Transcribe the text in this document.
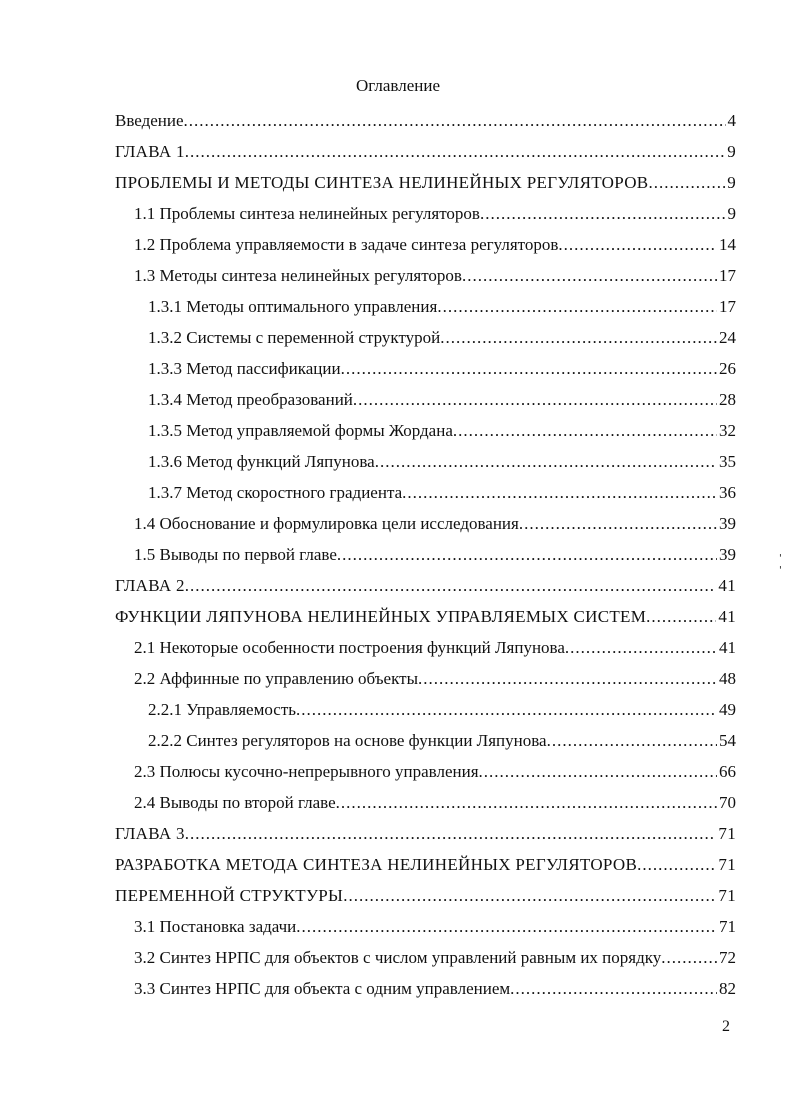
Оглавление
Введение .....	4
ГЛАВА 1 .....	9
ПРОБЛЕМЫ И МЕТОДЫ СИНТЕЗА НЕЛИНЕЙНЫХ РЕГУЛЯТОРОВ .....	9
1.1 Проблемы синтеза нелинейных регуляторов .....	9
1.2 Проблема управляемости в задаче синтеза регуляторов .....	14
1.3 Методы синтеза нелинейных регуляторов .....	17
1.3.1 Методы оптимального управления .....	17
1.3.2 Системы с переменной структурой .....	24
1.3.3 Метод пассификации .....	26
1.3.4 Метод преобразований .....	28
1.3.5 Метод управляемой формы Жордана .....	32
1.3.6 Метод функций Ляпунова .....	35
1.3.7 Метод скоростного градиента .....	36
1.4 Обоснование и формулировка цели исследования .....	39
1.5 Выводы по первой главе .....	39
ГЛАВА 2 .....	41
ФУНКЦИИ ЛЯПУНОВА НЕЛИНЕЙНЫХ УПРАВЛЯЕМЫХ СИСТЕМ .....	41
2.1 Некоторые особенности построения функций Ляпунова .....	41
2.2 Аффинные по управлению объекты .....	48
2.2.1 Управляемость .....	49
2.2.2 Синтез регуляторов на основе функции Ляпунова .....	54
2.3 Полюсы кусочно-непрерывного управления .....	66
2.4 Выводы по второй главе .....	70
ГЛАВА 3 .....	71
РАЗРАБОТКА МЕТОДА СИНТЕЗА НЕЛИНЕЙНЫХ РЕГУЛЯТОРОВ .....	71
ПЕРЕМЕННОЙ СТРУКТУРЫ .....	71
3.1 Постановка задачи .....	71
3.2 Синтез НРПС для объектов с числом управлений равным их порядку .....	72
3.3 Синтез НРПС для объекта с одним управлением .....	82
'
'
2
